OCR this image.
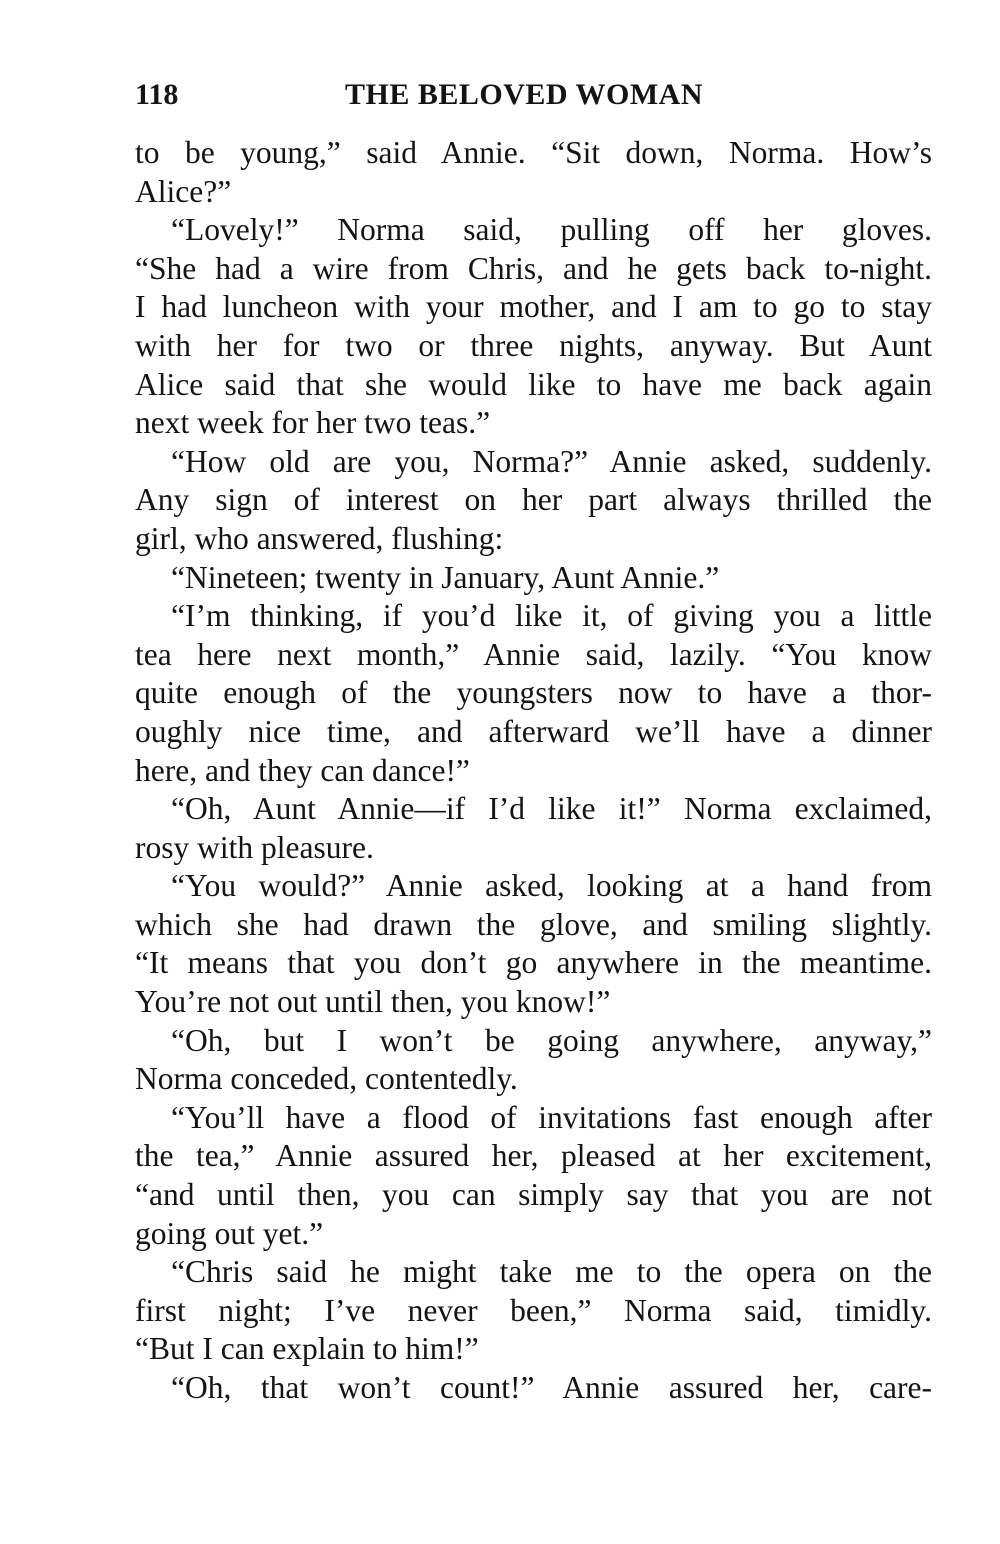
118	THE BELOVED WOMAN
to be young,” said Annie. “Sit down, Norma. How’s
Alice?”
“Lovely!” Norma said, pulling off her gloves.
“She had a wire from Chris, and he gets back to-night.
I had luncheon with your mother, and I am to go to stay
with her for two or three nights, anyway. But Aunt
Alice said that she would like to have me back again
next week for her two teas.”
“How old are you, Norma?” Annie asked, suddenly.
Any sign of interest on her part always thrilled the
girl, who answered, flushing:
“Nineteen; twenty in January, Aunt Annie.”
“I’m thinking, if you’d like it, of giving you a little
tea here next month,” Annie said, lazily. “You know
quite enough of the youngsters now to have a thor-
oughly nice time, and afterward we’ll have a dinner
here, and they can dance!”
“Oh, Aunt Annie—if I’d like it!” Norma exclaimed,
rosy with pleasure.
“You would?” Annie asked, looking at a hand from
which she had drawn the glove, and smiling slightly.
“It means that you don’t go anywhere in the meantime.
You’re not out until then, you know!”
“Oh, but I won’t be going anywhere, anyway,”
Norma conceded, contentedly.
“You’ll have a flood of invitations fast enough after
the tea,” Annie assured her, pleased at her excitement,
“and until then, you can simply say that you are not
going out yet.”
“Chris said he might take me to the opera on the
first night; I’ve never been,” Norma said, timidly.
“But I can explain to him!”
“Oh, that won’t count!” Annie assured her, care-
